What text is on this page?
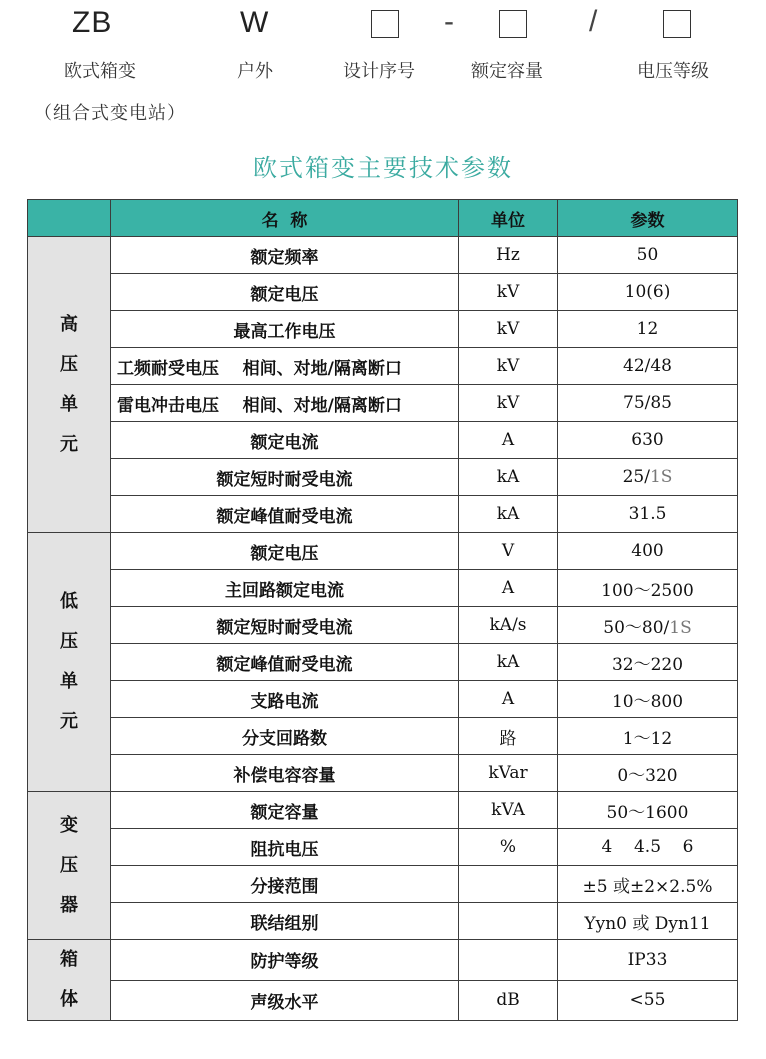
ZB	W	-	/
欧式箱变	户外	设计序号	额定容量	电压等级
（组合式变电站）
欧式箱变主要技术参数
	名  称	单位	参数

高
压
单
元	额定频率	Hz	50
	额定电压	kV	10(6)
	最高工作电压	kV	12
	工频耐受电压    相间、对地/隔离断口	kV	42/48
	雷电冲击电压    相间、对地/隔离断口	kV	75/85
	额定电流	A	630
	额定短时耐受电流	kA	25/1S
	额定峰值耐受电流	kA	31.5

低
压
单
元	额定电压	V	400
	主回路额定电流	A	100～2500
	额定短时耐受电流	kA/s	50～80/1S
	额定峰值耐受电流	kA	32～220
	支路电流	A	10～800
	分支回路数	路	1～12
	补偿电容容量	kVar	0～320

变
压
器	额定容量	kVA	50～1600
	阻抗电压	%	4    4.5    6
	分接范围		±5 或±2×2.5%
	联结组别		Yyn0 或 Dyn11

箱
体	防护等级		IP33
	声级水平	dB	<55
